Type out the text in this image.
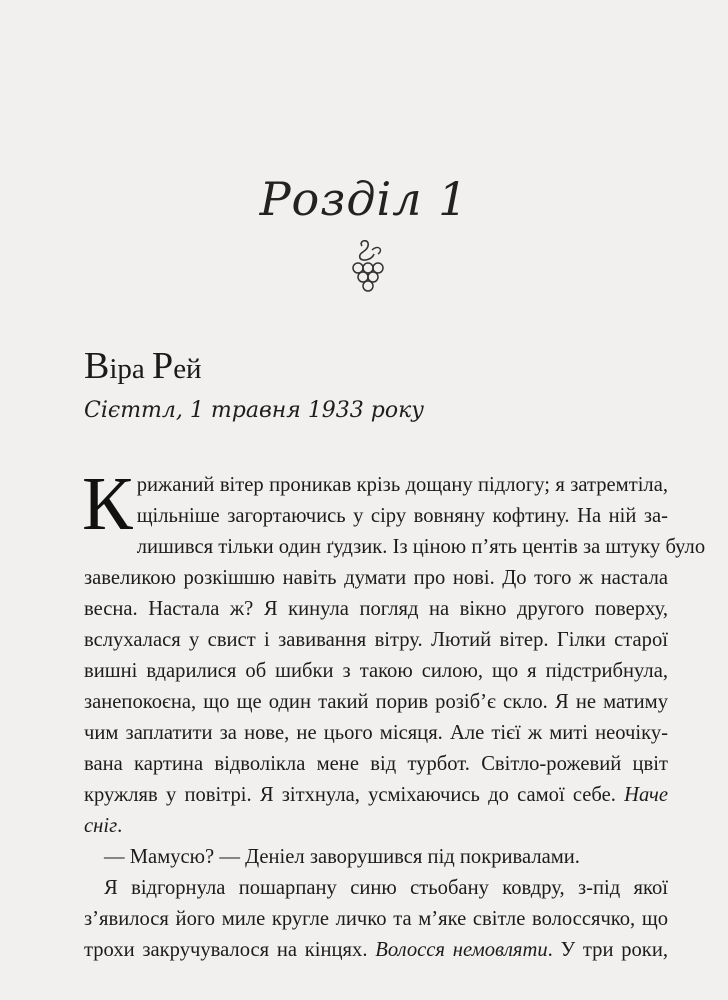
Розділ 1
Віра Рей
Сієттл, 1 травня 1933 року
К рижаний вітер проникав крізь дощану підлогу; я затремтіла,
щільніше загортаючись у сіру вовняну кофтину. На ній за-
лишився тільки один ґудзик. Із ціною п’ять центів за штуку було
завеликою розкішшю навіть думати про нові. До того ж настала
весна. Настала ж? Я кинула погляд на вікно другого поверху,
вслухалася у свист і завивання вітру. Лютий вітер. Гілки старої
вишні вдарилися об шибки з такою силою, що я підстрибнула,
занепокоєна, що ще один такий порив розіб’є скло. Я не матиму
чим заплатити за нове, не цього місяця. Але тієї ж миті неочіку-
вана картина відволікла мене від турбот. Світло-рожевий цвіт
кружляв у повітрі. Я зітхнула, усміхаючись до самої себе. Наче
сніг.
— Мамусю? — Деніел заворушився під покривалами.
Я відгорнула пошарпану синю стьобану ковдру, з-під якої
з’явилося його миле кругле личко та м’яке світле волоссячко, що
трохи закручувалося на кінцях. Волосся немовляти. У три роки,
